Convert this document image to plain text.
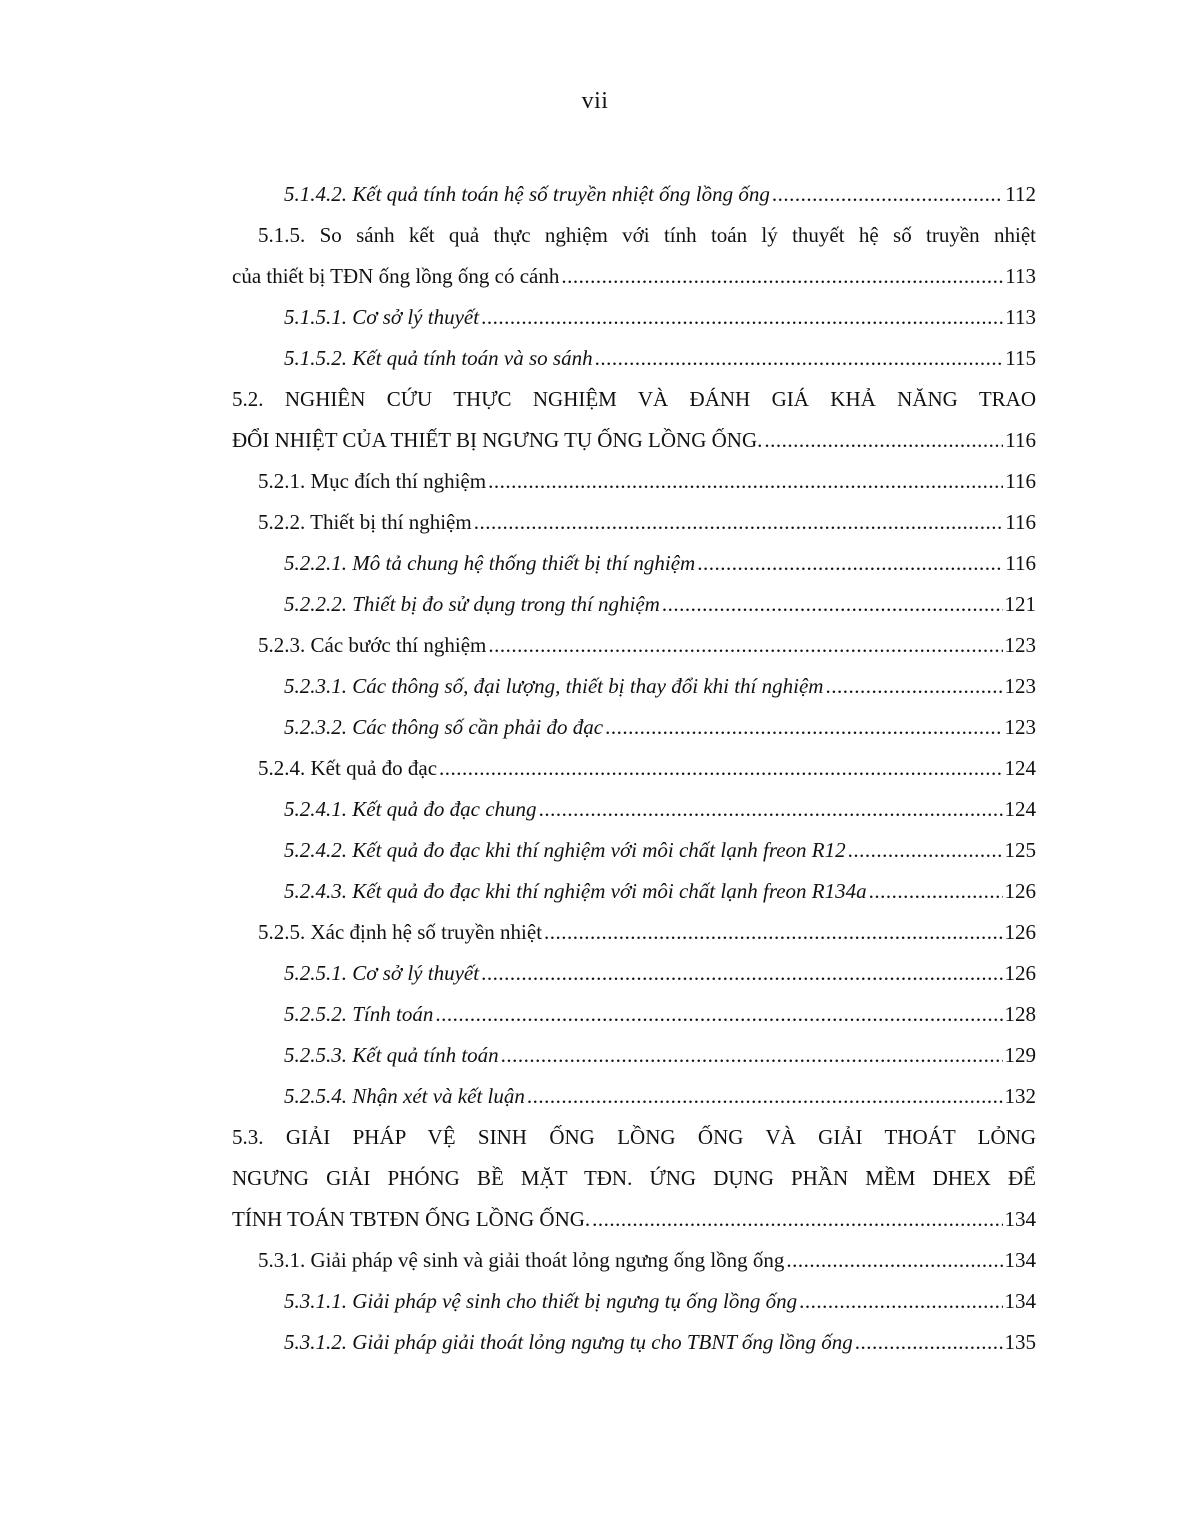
vii
5.1.4.2. Kết quả tính toán hệ số truyền nhiệt ống lồng ống .....	112
5.1.5. So sánh kết quả thực nghiệm với tính toán lý thuyết hệ số truyền nhiệt
của thiết bị TĐN ống lồng ống có cánh .....	113
5.1.5.1. Cơ sở lý thuyết .....	113
5.1.5.2. Kết quả tính toán và so sánh .....	115
5.2. NGHIÊN CỨU THỰC NGHIỆM VÀ ĐÁNH GIÁ KHẢ NĂNG TRAO
ĐỔI NHIỆT CỦA THIẾT BỊ NGƯNG TỤ ỐNG LỒNG ỐNG. .....	116
5.2.1. Mục đích thí nghiệm .....	116
5.2.2. Thiết bị thí nghiệm .....	116
5.2.2.1. Mô tả chung hệ thống thiết bị thí nghiệm .....	116
5.2.2.2. Thiết bị đo sử dụng trong thí nghiệm .....	121
5.2.3. Các bước thí nghiệm .....	123
5.2.3.1. Các thông số, đại lượng, thiết bị thay đổi khi thí nghiệm .....	123
5.2.3.2. Các thông số cần phải đo đạc .....	123
5.2.4. Kết quả đo đạc .....	124
5.2.4.1. Kết quả đo đạc chung .....	124
5.2.4.2. Kết quả đo đạc khi thí nghiệm với môi chất lạnh freon R12 .....	125
5.2.4.3. Kết quả đo đạc khi thí nghiệm với môi chất lạnh freon R134a .....	126
5.2.5. Xác định hệ số truyền nhiệt .....	126
5.2.5.1. Cơ sở lý thuyết .....	126
5.2.5.2. Tính toán .....	128
5.2.5.3. Kết quả tính toán .....	129
5.2.5.4. Nhận xét và kết luận .....	132
5.3. GIẢI PHÁP VỆ SINH ỐNG LỒNG ỐNG VÀ GIẢI THOÁT LỎNG
NGƯNG GIẢI PHÓNG BỀ MẶT TĐN. ỨNG DỤNG PHẦN MỀM DHEX ĐỂ
TÍNH TOÁN TBTĐN ỐNG LỒNG ỐNG. .....	134
5.3.1. Giải pháp vệ sinh và giải thoát lỏng ngưng ống lồng ống .....	134
5.3.1.1. Giải pháp vệ sinh cho thiết bị ngưng tụ ống lồng ống .....	134
5.3.1.2. Giải pháp giải thoát lỏng ngưng tụ cho TBNT ống lồng ống .....	135
